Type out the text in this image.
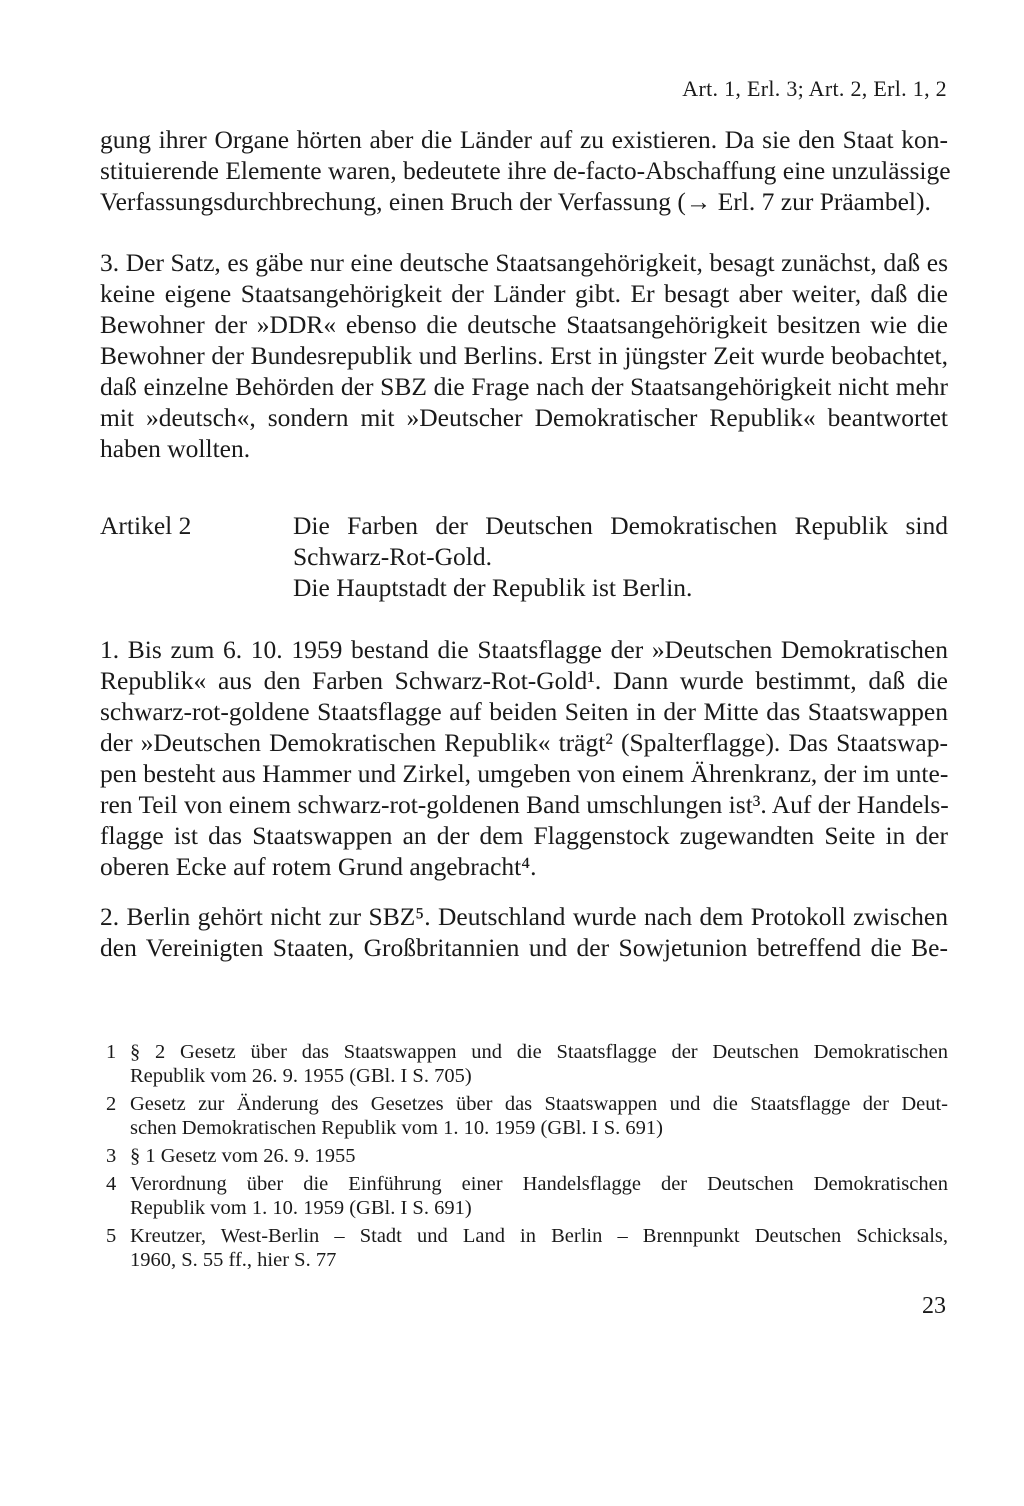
Art. 1, Erl. 3; Art. 2, Erl. 1, 2
gung ihrer Organe hörten aber die Länder auf zu existieren. Da sie den Staat kon-
stituierende Elemente waren, bedeutete ihre de-facto-Abschaffung eine unzulässige
Verfassungsdurchbrechung, einen Bruch der Verfassung (→ Erl. 7 zur Präambel).
3. Der Satz, es gäbe nur eine deutsche Staatsangehörigkeit, besagt zunächst, daß es
keine eigene Staatsangehörigkeit der Länder gibt. Er besagt aber weiter, daß die
Bewohner der »DDR« ebenso die deutsche Staatsangehörigkeit besitzen wie die
Bewohner der Bundesrepublik und Berlins. Erst in jüngster Zeit wurde beobachtet,
daß einzelne Behörden der SBZ die Frage nach der Staatsangehörigkeit nicht mehr
mit »deutsch«, sondern mit »Deutscher Demokratischer Republik« beantwortet
haben wollten.
Artikel 2	Die Farben der Deutschen Demokratischen Republik sind
Schwarz-Rot-Gold.
Die Hauptstadt der Republik ist Berlin.
1. Bis zum 6. 10. 1959 bestand die Staatsflagge der »Deutschen Demokratischen
Republik« aus den Farben Schwarz-Rot-Gold¹. Dann wurde bestimmt, daß die
schwarz-rot-goldene Staatsflagge auf beiden Seiten in der Mitte das Staatswappen
der »Deutschen Demokratischen Republik« trägt² (Spalterflagge). Das Staatswap-
pen besteht aus Hammer und Zirkel, umgeben von einem Ährenkranz, der im unte-
ren Teil von einem schwarz-rot-goldenen Band umschlungen ist³. Auf der Handels-
flagge ist das Staatswappen an der dem Flaggenstock zugewandten Seite in der
oberen Ecke auf rotem Grund angebracht⁴.
2. Berlin gehört nicht zur SBZ⁵. Deutschland wurde nach dem Protokoll zwischen
den Vereinigten Staaten, Großbritannien und der Sowjetunion betreffend die Be-
1 § 2 Gesetz über das Staatswappen und die Staatsflagge der Deutschen Demokratischen
Republik vom 26. 9. 1955 (GBl. I S. 705)
2 Gesetz zur Änderung des Gesetzes über das Staatswappen und die Staatsflagge der Deut-
schen Demokratischen Republik vom 1. 10. 1959 (GBl. I S. 691)
3 § 1 Gesetz vom 26. 9. 1955
4 Verordnung über die Einführung einer Handelsflagge der Deutschen Demokratischen
Republik vom 1. 10. 1959 (GBl. I S. 691)
5 Kreutzer, West-Berlin – Stadt und Land in Berlin – Brennpunkt Deutschen Schicksals,
1960, S. 55 ff., hier S. 77
23
